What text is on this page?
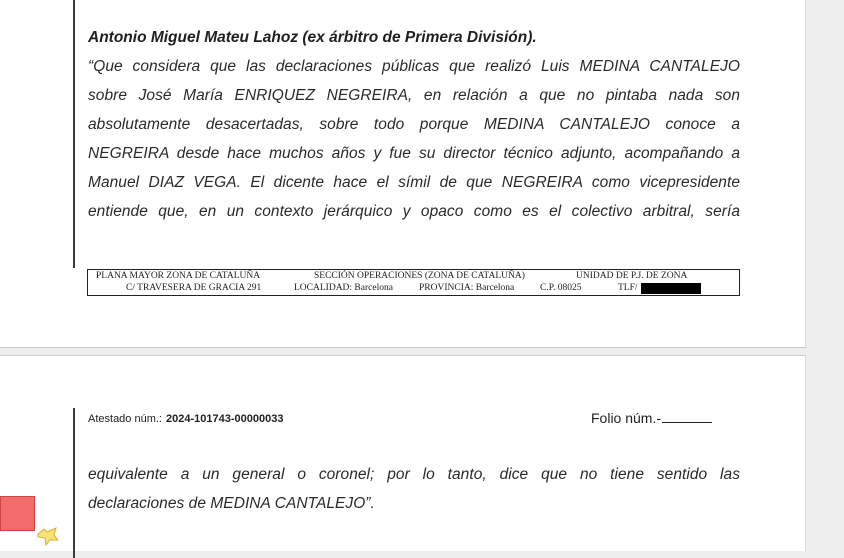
Antonio Miguel Mateu Lahoz (ex árbitro de Primera División).
“Que considera que las declaraciones públicas que realizó Luis MEDINA CANTALEJO
sobre José María ENRIQUEZ NEGREIRA, en relación a que no pintaba nada son
absolutamente desacertadas, sobre todo porque MEDINA CANTALEJO conoce a
NEGREIRA desde hace muchos años y fue su director técnico adjunto, acompañando a
Manuel DIAZ VEGA. El dicente hace el símil de que NEGREIRA como vicepresidente
entiende que, en un contexto jerárquico y opaco como es el colectivo arbitral, sería
PLANA MAYOR ZONA DE CATALUÑA	SECCIÓN OPERACIONES (ZONA DE CATALUÑA)	UNIDAD DE P.J. DE ZONA
C/ TRAVESERA DE GRACIA 291	LOCALIDAD: Barcelona	PROVINCIA: Barcelona	C.P. 08025	TLF/
Atestado núm.: 2024-101743-00000033	Folio núm.-
equivalente a un general o coronel; por lo tanto, dice que no tiene sentido las
declaraciones de MEDINA CANTALEJO”.
